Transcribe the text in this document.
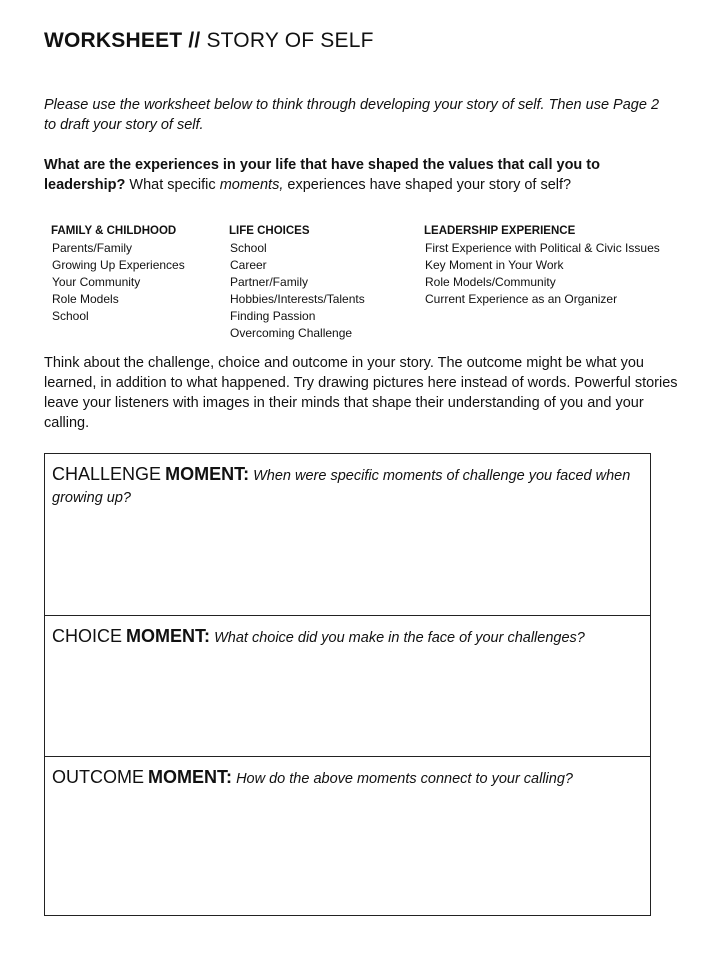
WORKSHEET // STORY OF SELF
Please use the worksheet below to think through developing your story of self. Then use Page 2 to draft your story of self.
What are the experiences in your life that have shaped the values that call you to leadership? What specific moments, experiences have shaped your story of self?
FAMILY & CHILDHOOD
Parents/Family
Growing Up Experiences
Your Community
Role Models
School
LIFE CHOICES
School
Career
Partner/Family
Hobbies/Interests/Talents
Finding Passion
Overcoming Challenge
LEADERSHIP EXPERIENCE
First Experience with Political & Civic Issues
Key Moment in Your Work
Role Models/Community
Current Experience as an Organizer
Think about the challenge, choice and outcome in your story. The outcome might be what you learned, in addition to what happened. Try drawing pictures here instead of words. Powerful stories leave your listeners with images in their minds that shape their understanding of you and your calling.
CHALLENGE MOMENT: When were specific moments of challenge you faced when growing up?
CHOICE MOMENT: What choice did you make in the face of your challenges?
OUTCOME MOMENT: How do the above moments connect to your calling?
